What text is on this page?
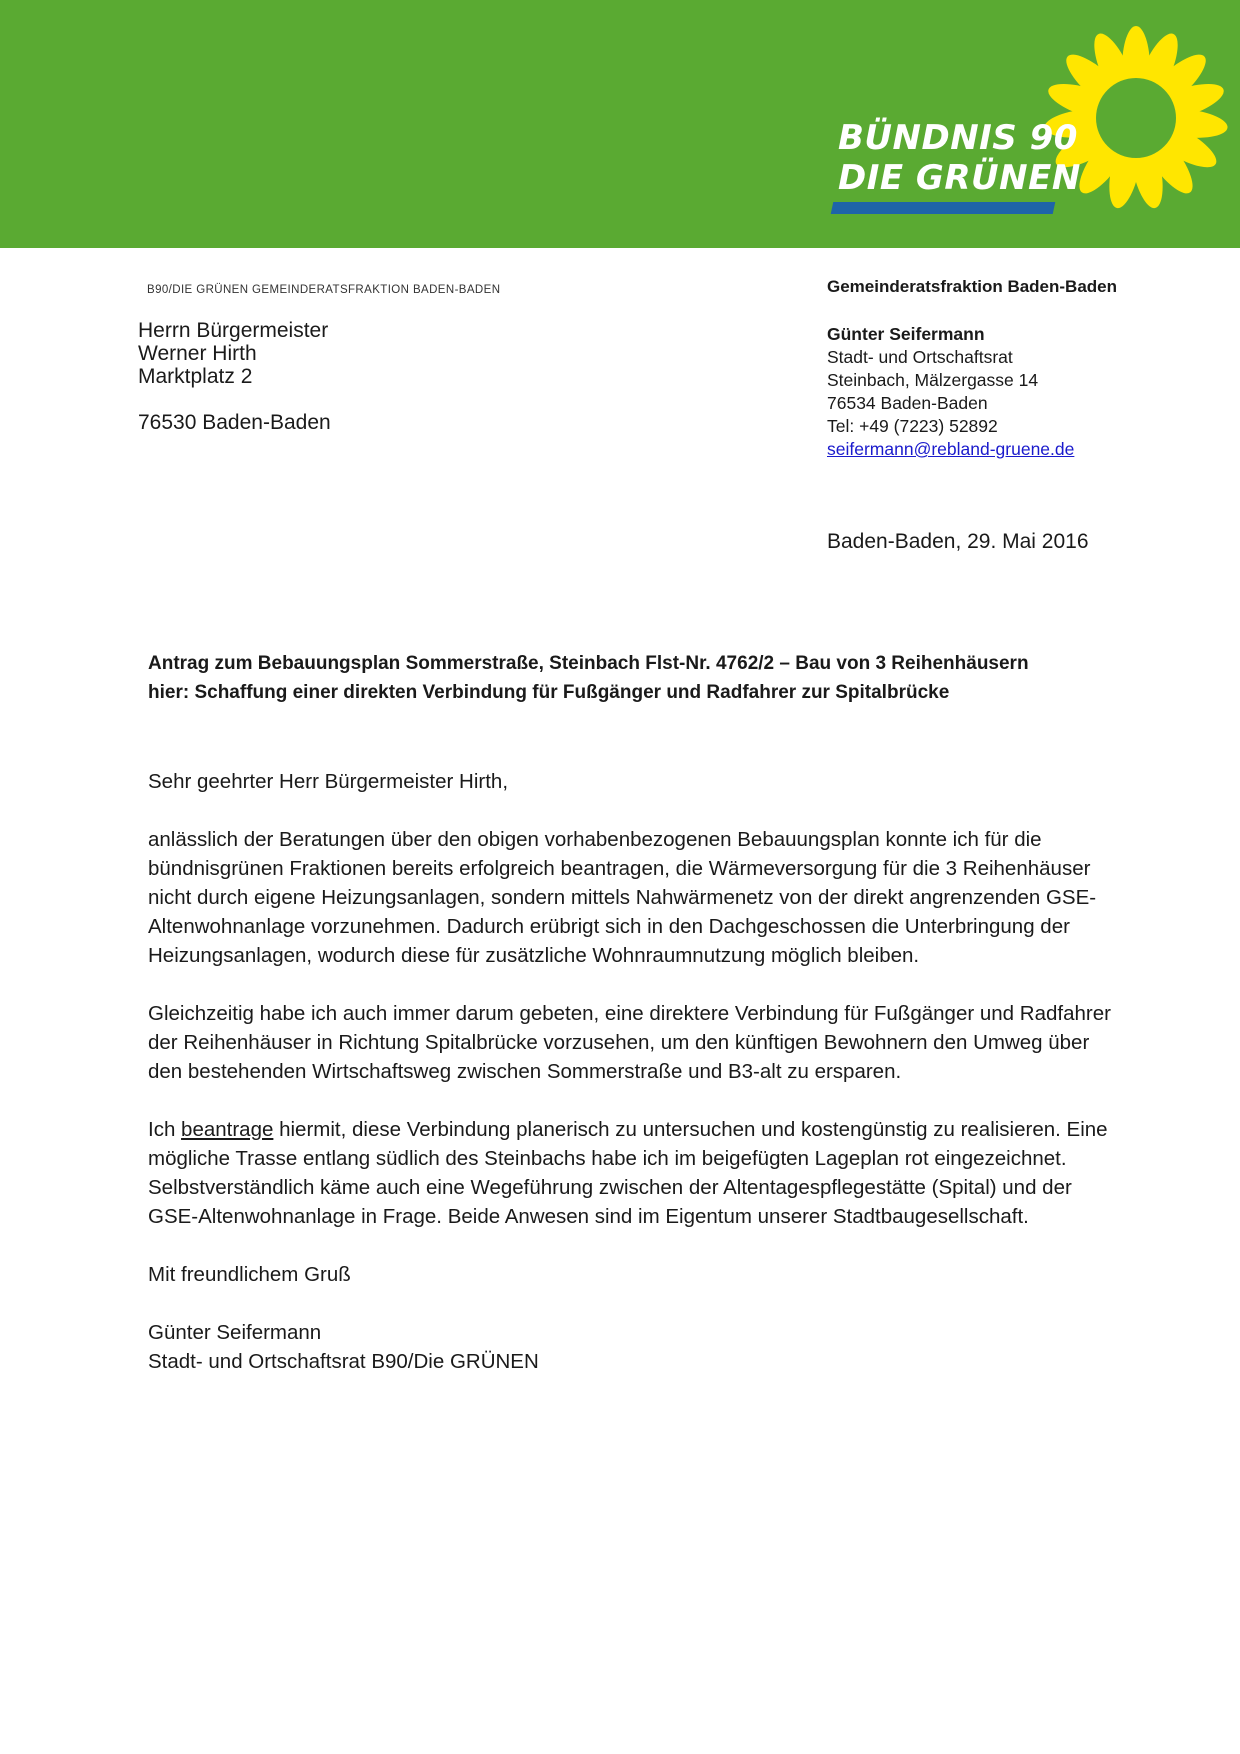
BÜNDNIS 90
DIE GRÜNEN
B90/DIE GRÜNEN GEMEINDERATSFRAKTION BADEN-BADEN
Herrn Bürgermeister
Werner Hirth
Marktplatz 2
76530 Baden-Baden
Gemeinderatsfraktion Baden-Baden
Günter Seifermann
Stadt- und Ortschaftsrat
Steinbach, Mälzergasse 14
76534 Baden-Baden
Tel: +49 (7223) 52892
seifermann@rebland-gruene.de
Baden-Baden, 29. Mai 2016
Antrag zum Bebauungsplan Sommerstraße, Steinbach Flst-Nr. 4762/2 – Bau von 3 Reihenhäusern
hier: Schaffung einer direkten Verbindung für Fußgänger und Radfahrer zur Spitalbrücke

Sehr geehrter Herr Bürgermeister Hirth,

anlässlich der Beratungen über den obigen vorhabenbezogenen Bebauungsplan konnte ich für die bündnisgrünen Fraktionen bereits erfolgreich beantragen, die Wärmeversorgung für die 3 Reihenhäuser nicht durch eigene Heizungsanlagen, sondern mittels Nahwärmenetz von der direkt angrenzenden GSE-Altenwohnanlage vorzunehmen. Dadurch erübrigt sich in den Dachgeschossen die Unterbringung der Heizungsanlagen, wodurch diese für zusätzliche Wohnraumnutzung möglich bleiben.

Gleichzeitig habe ich auch immer darum gebeten, eine direktere Verbindung für Fußgänger und Radfahrer der Reihenhäuser in Richtung Spitalbrücke vorzusehen, um den künftigen Bewohnern den Umweg über den bestehenden Wirtschaftsweg zwischen Sommerstraße und B3-alt zu ersparen.

Ich beantrage hiermit, diese Verbindung planerisch zu untersuchen und kostengünstig zu realisieren. Eine mögliche Trasse entlang südlich des Steinbachs habe ich im beigefügten Lageplan rot eingezeichnet. Selbstverständlich käme auch eine Wegeführung zwischen der Altentagespflegestätte (Spital) und der GSE-Altenwohnanlage in Frage. Beide Anwesen sind im Eigentum unserer Stadtbaugesellschaft.

Mit freundlichem Gruß

Günter Seifermann
Stadt- und Ortschaftsrat B90/Die GRÜNEN
